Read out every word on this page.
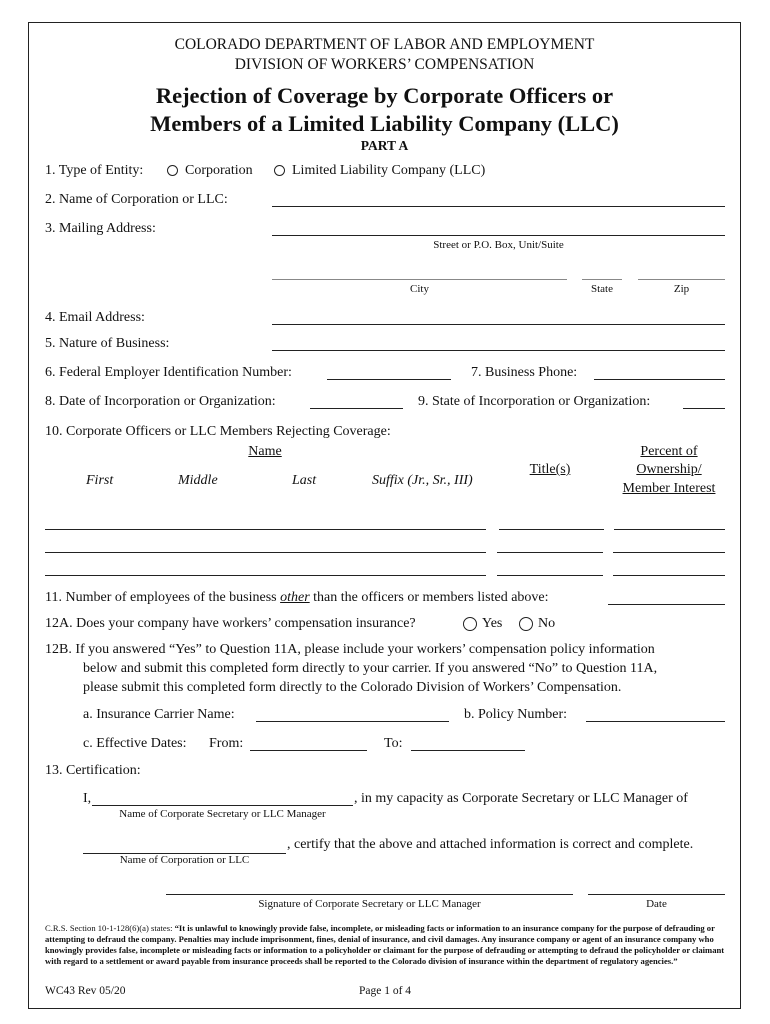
COLORADO DEPARTMENT OF LABOR AND EMPLOYMENT
DIVISION OF WORKERS’ COMPENSATION
Rejection of Coverage by Corporate Officers or
Members of a Limited Liability Company (LLC)
PART A
1. Type of Entity:	Corporation	Limited Liability Company (LLC)
2. Name of Corporation or LLC:
3. Mailing Address:
Street or P.O. Box, Unit/Suite
City	State	Zip
4. Email Address:
5. Nature of Business:
6. Federal Employer Identification Number:	7. Business Phone:
8. Date of Incorporation or Organization:	9. State of Incorporation or Organization:
10. Corporate Officers or LLC Members Rejecting Coverage:
Name
First	Middle	Last	Suffix (Jr., Sr., III)
Title(s)
Percent of
Ownership/
Member Interest
11. Number of employees of the business other than the officers or members listed above:
12A. Does your company have workers’ compensation insurance?	Yes	No
12B. If you answered “Yes” to Question 11A, please include your workers’ compensation policy information
below and submit this completed form directly to your carrier. If you answered “No” to Question 11A,
please submit this completed form directly to the Colorado Division of Workers’ Compensation.
a. Insurance Carrier Name:	b. Policy Number:
c. Effective Dates: From:	To:
13. Certification:
I,	, in my capacity as Corporate Secretary or LLC Manager of
Name of Corporate Secretary or LLC Manager
, certify that the above and attached information is correct and complete.
Name of Corporation or LLC
Signature of Corporate Secretary or LLC Manager	Date
C.R.S. Section 10-1-128(6)(a) states: “It is unlawful to knowingly provide false, incomplete, or misleading facts or information to an insurance company for the purpose of defrauding or attempting to defraud the company. Penalties may include imprisonment, fines, denial of insurance, and civil damages. Any insurance company or agent of an insurance company who knowingly provides false, incomplete or misleading facts or information to a policyholder or claimant for the purpose of defrauding or attempting to defraud the policyholder or claimant with regard to a settlement or award payable from insurance proceeds shall be reported to the Colorado division of insurance within the department of regulatory agencies.”
WC43 Rev 05/20	Page 1 of 4
